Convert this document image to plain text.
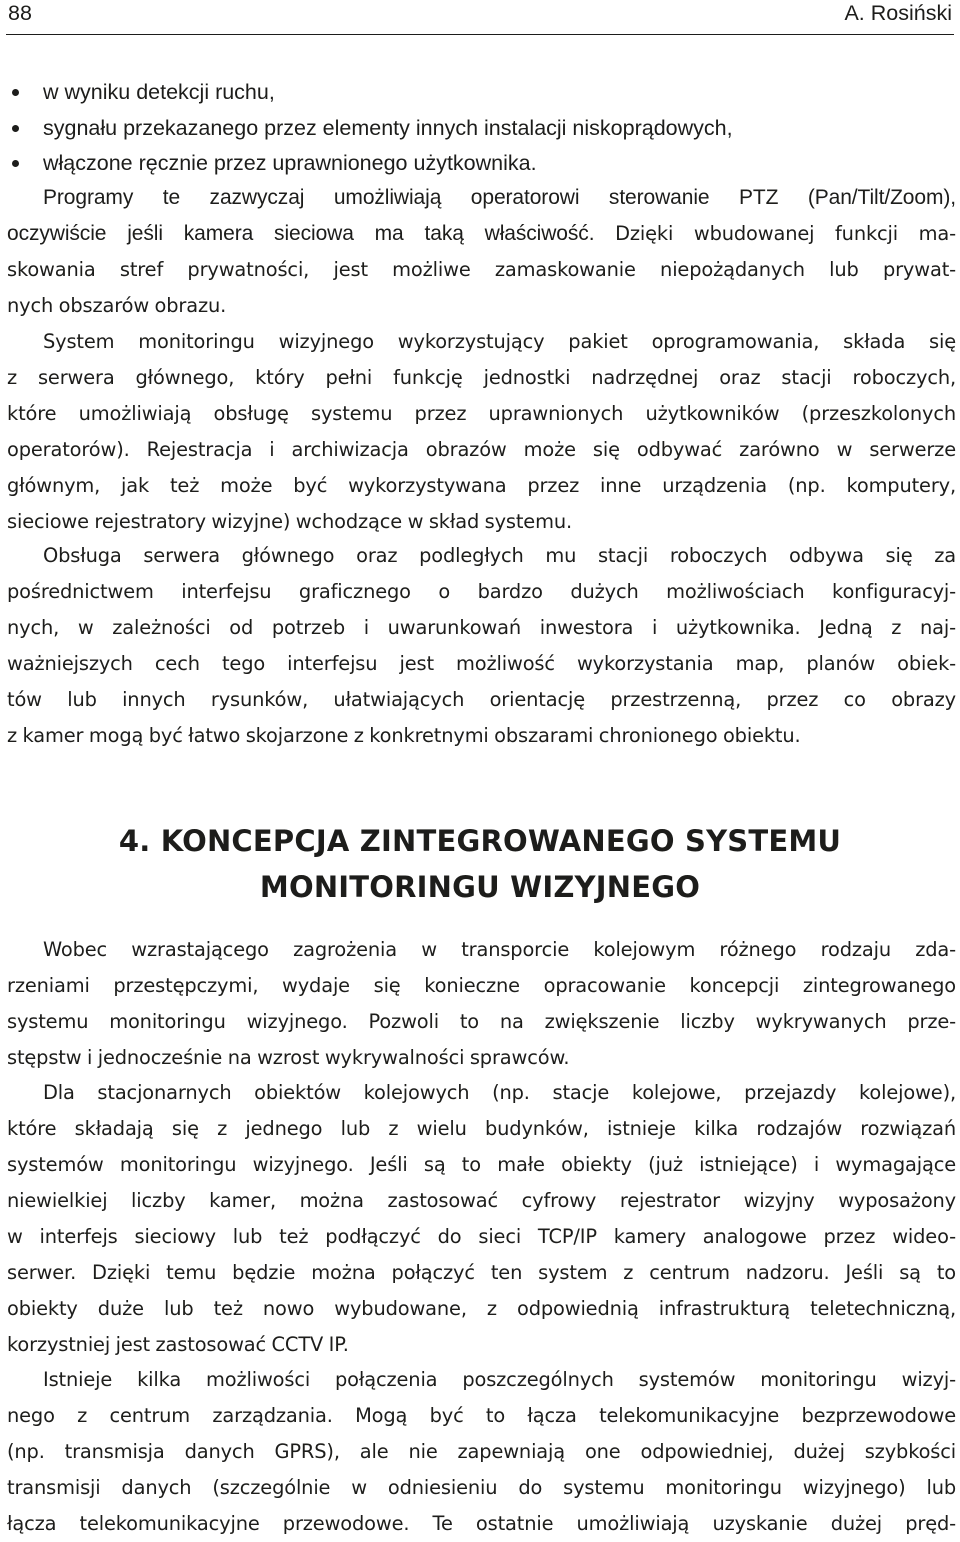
88	A. Rosiński
w wyniku detekcji ruchu,
sygnału przekazanego przez elementy innych instalacji niskoprądowych,
włączone ręcznie przez uprawnionego użytkownika.
Programy te zazwyczaj umożliwiają operatorowi sterowanie PTZ (Pan/Tilt/Zoom),
oczywiście jeśli kamera sieciowa ma taką właściwość. Dzięki wbudowanej funkcji ma-
skowania stref prywatności, jest możliwe zamaskowanie niepożądanych lub prywat-
nych obszarów obrazu.
System monitoringu wizyjnego wykorzystujący pakiet oprogramowania, składa się
z serwera głównego, który pełni funkcję jednostki nadrzędnej oraz stacji roboczych,
które umożliwiają obsługę systemu przez uprawnionych użytkowników (przeszkolonych
operatorów). Rejestracja i archiwizacja obrazów może się odbywać zarówno w serwerze
głównym, jak też może być wykorzystywana przez inne urządzenia (np. komputery,
sieciowe rejestratory wizyjne) wchodzące w skład systemu.
Obsługa serwera głównego oraz podległych mu stacji roboczych odbywa się za
pośrednictwem interfejsu graficznego o bardzo dużych możliwościach konfiguracyj-
nych, w zależności od potrzeb i uwarunkowań inwestora i użytkownika. Jedną z naj-
ważniejszych cech tego interfejsu jest możliwość wykorzystania map, planów obiek-
tów lub innych rysunków, ułatwiających orientację przestrzenną, przez co obrazy
z kamer mogą być łatwo skojarzone z konkretnymi obszarami chronionego obiektu.
4. KONCEPCJA ZINTEGROWANEGO SYSTEMU
MONITORINGU WIZYJNEGO
Wobec wzrastającego zagrożenia w transporcie kolejowym różnego rodzaju zda-
rzeniami przestępczymi, wydaje się konieczne opracowanie koncepcji zintegrowanego
systemu monitoringu wizyjnego. Pozwoli to na zwiększenie liczby wykrywanych prze-
stępstw i jednocześnie na wzrost wykrywalności sprawców.
Dla stacjonarnych obiektów kolejowych (np. stacje kolejowe, przejazdy kolejowe),
które składają się z jednego lub z wielu budynków, istnieje kilka rodzajów rozwiązań
systemów monitoringu wizyjnego. Jeśli są to małe obiekty (już istniejące) i wymagające
niewielkiej liczby kamer, można zastosować cyfrowy rejestrator wizyjny wyposażony
w interfejs sieciowy lub też podłączyć do sieci TCP/IP kamery analogowe przez wideo-
serwer. Dzięki temu będzie można połączyć ten system z centrum nadzoru. Jeśli są to
obiekty duże lub też nowo wybudowane, z odpowiednią infrastrukturą teletechniczną,
korzystniej jest zastosować CCTV IP.
Istnieje kilka możliwości połączenia poszczególnych systemów monitoringu wizyj-
nego z centrum zarządzania. Mogą być to łącza telekomunikacyjne bezprzewodowe
(np. transmisja danych GPRS), ale nie zapewniają one odpowiedniej, dużej szybkości
transmisji danych (szczególnie w odniesieniu do systemu monitoringu wizyjnego) lub
łącza telekomunikacyjne przewodowe. Te ostatnie umożliwiają uzyskanie dużej pręd-
